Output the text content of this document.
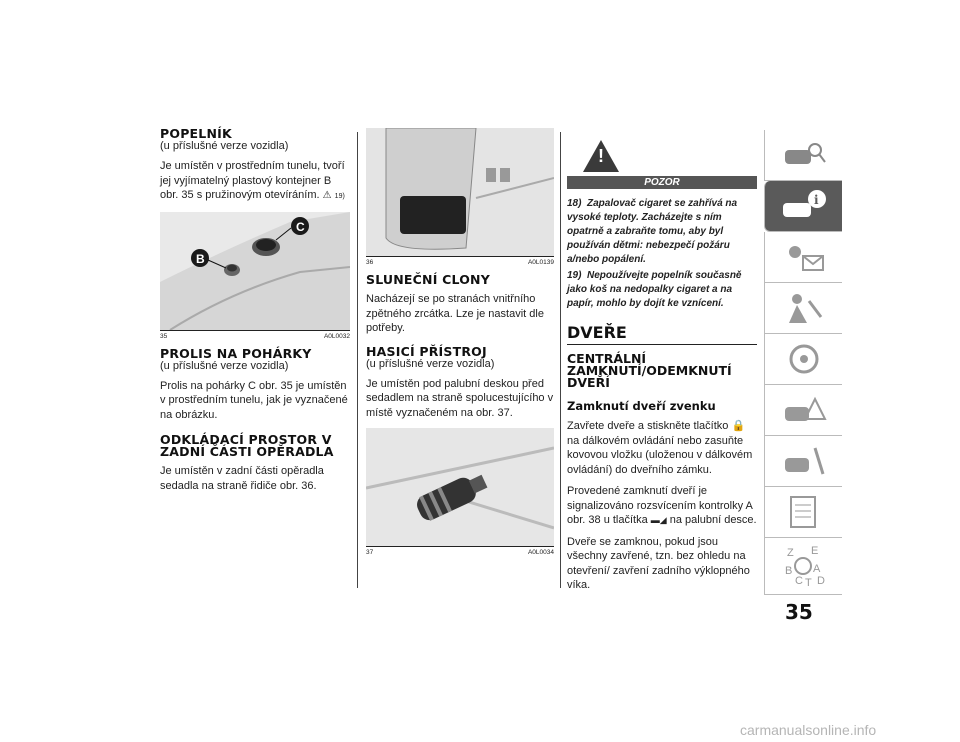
POPELNÍK
(u příslušné verze vozidla)

Je umístěn v prostředním tunelu, tvoří jej vyjímatelný plastový kontejner B obr. 35 s pružinovým otevíráním. ⚠ 19)

C
B
35	A0L0032
PROLIS NA POHÁRKY
(u příslušné verze vozidla)

Prolis na pohárky C obr. 35 je umístěn v prostředním tunelu, jak je vyznačené na obrázku.

ODKLÁDACÍ PROSTOR V
ZADNÍ ČÁSTI OPĚRADLA

Je umístěn v zadní části opěradla sedadla na straně řidiče obr. 36.

36	A0L0139
SLUNEČNÍ CLONY

Nacházejí se po stranách vnitřního zpětného zrcátka. Lze je nastavit dle potřeby.

HASICÍ PŘÍSTROJ
(u příslušné verze vozidla)

Je umístěn pod palubní deskou před sedadlem na straně spolucestujícího v místě vyznačeném na obr. 37.

37	A0L0034
!
POZOR
18) Zapalovač cigaret se zahřívá na vysoké teploty. Zacházejte s ním opatrně a zabraňte tomu, aby byl používán dětmi: nebezpečí požáru a/nebo popálení.
19) Nepoužívejte popelník současně jako koš na nedopalky cigaret a na papír, mohlo by dojít ke vznícení.
DVEŘE
CENTRÁLNÍ
ZAMKNUTÍ/ODEMKNUTÍ
DVEŘÍ
Zamknutí dveří zvenku

Zavřete dveře a stiskněte tlačítko 🔒 na dálkovém ovládání nebo zasuňte kovovou vložku (uloženou v dálkovém ovládání) do dveřního zámku.

Provedené zamknutí dveří je signalizováno rozsvícením kontrolky A obr. 38 u tlačítka ▬◢ na palubní desce.

Dveře se zamknou, pokud jsou všechny zavřené, tzn. bez ohledu na otevření/ zavření zadního výklopného víka.

i
Z E
B A
C T D
35
carmanualsonline.info
